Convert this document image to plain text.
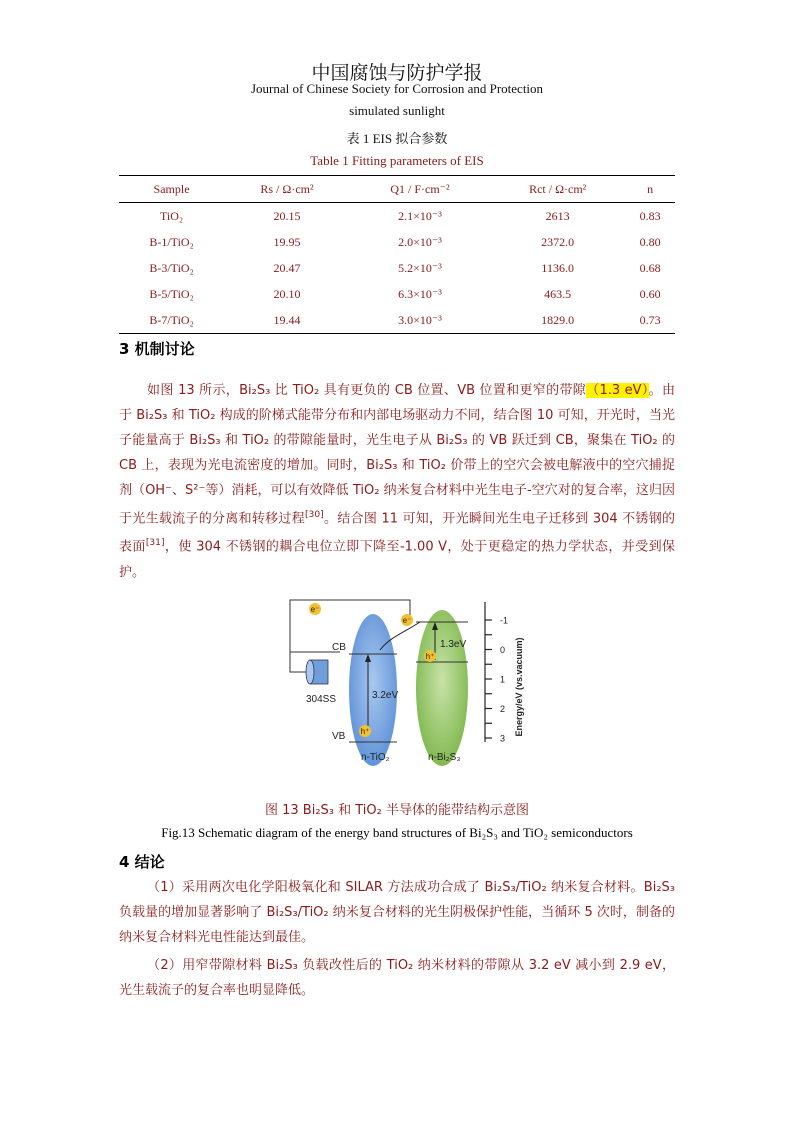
中国腐蚀与防护学报
Journal of Chinese Society for Corrosion and Protection
simulated sunlight
表 1 EIS 拟合参数
Table 1 Fitting parameters of EIS
Sample	Rs / Ω·cm²	Q1 / F·cm⁻²	Rct / Ω·cm²	n
TiO₂	20.15	2.1×10⁻³	2613	0.83
B-1/TiO₂	19.95	2.0×10⁻³	2372.0	0.80
B-3/TiO₂	20.47	5.2×10⁻³	1136.0	0.68
B-5/TiO₂	20.10	6.3×10⁻³	463.5	0.60
B-7/TiO₂	19.44	3.0×10⁻³	1829.0	0.73
3 机制讨论
如图 13 所示，Bi₂S₃ 比 TiO₂ 具有更负的 CB 位置、VB 位置和更窄的带隙（1.3 eV）。由于 Bi₂S₃ 和 TiO₂ 构成的阶梯式能带分布和内部电场驱动力不同，结合图 10 可知，开光时，当光子能量高于 Bi₂S₃ 和 TiO₂ 的带隙能量时，光生电子从 Bi₂S₃ 的 VB 跃迁到 CB，聚集在 TiO₂ 的 CB 上，表现为光电流密度的增加。同时，Bi₂S₃ 和 TiO₂ 价带上的空穴会被电解液中的空穴捕捉剂（OH⁻、S²⁻等）消耗，可以有效降低 TiO₂ 纳米复合材料中光生电子-空穴对的复合率，这归因于光生载流子的分离和转移过程[30]。结合图 11 可知，开光瞬间光生电子迁移到 304 不锈钢的表面[31]，使 304 不锈钢的耦合电位立即下降至-1.00 V，处于更稳定的热力学状态，并受到保护。
304SS
e⁻
CB
VB
3.2eV
h⁺
n-TiO₂
1.3eV
h⁺
n-Bi₂S₃
e⁻	-1
0
1
2
3
Energy/eV (vs.vacuum)
图 13 Bi₂S₃ 和 TiO₂ 半导体的能带结构示意图
Fig.13 Schematic diagram of the energy band structures of Bi₂S₃ and TiO₂ semiconductors
4 结论
（1）采用两次电化学阳极氧化和 SILAR 方法成功合成了 Bi₂S₃/TiO₂ 纳米复合材料。Bi₂S₃ 负载量的增加显著影响了 Bi₂S₃/TiO₂ 纳米复合材料的光生阴极保护性能，当循环 5 次时，制备的纳米复合材料光电性能达到最佳。
（2）用窄带隙材料 Bi₂S₃ 负载改性后的 TiO₂ 纳米材料的带隙从 3.2 eV 减小到 2.9 eV，光生载流子的复合率也明显降低。
